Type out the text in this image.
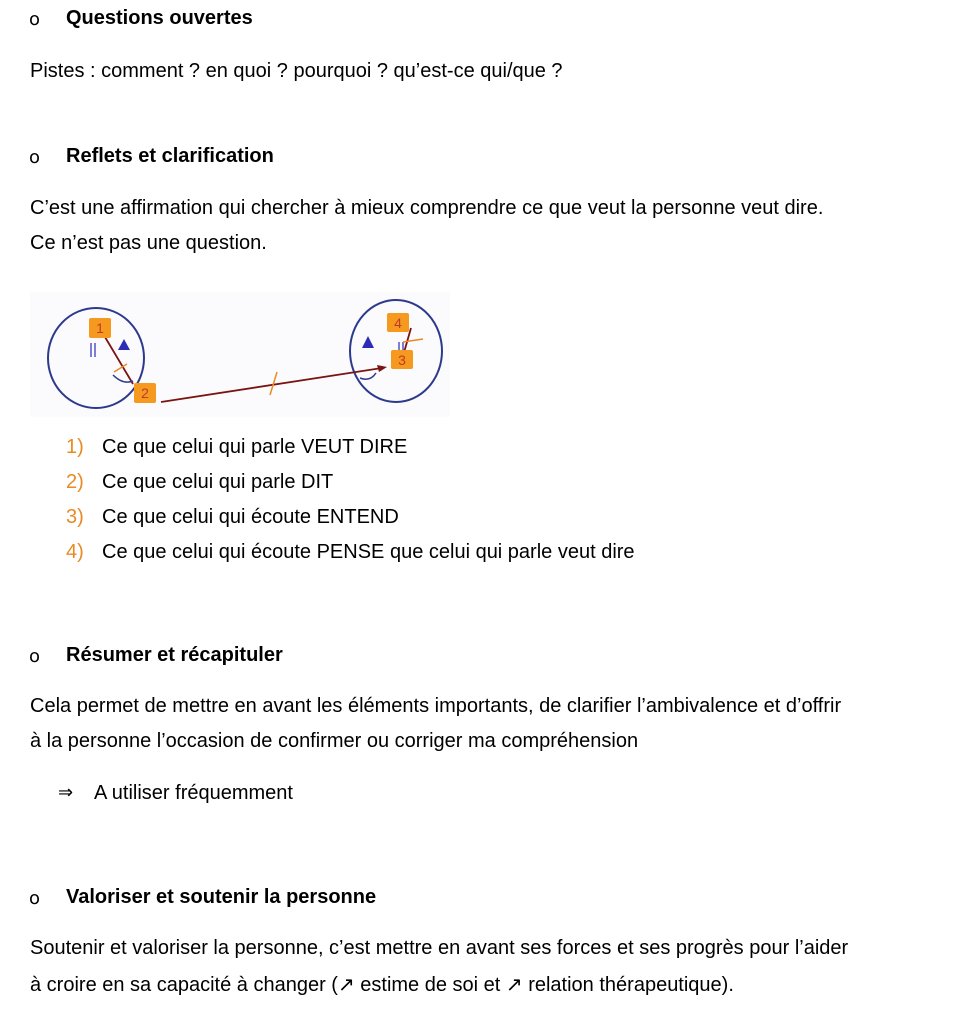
o Questions ouvertes
Pistes : comment ? en quoi ? pourquoi ? qu’est-ce qui/que ?
o Reflets et clarification
C’est une affirmation qui chercher à mieux comprendre ce que veut la personne veut dire.
Ce n’est pas une question.
1
2
3
4
1) Ce que celui qui parle VEUT DIRE
2) Ce que celui qui parle DIT
3) Ce que celui qui écoute ENTEND
4) Ce que celui qui écoute PENSE que celui qui parle veut dire
o Résumer et récapituler
Cela permet de mettre en avant les éléments importants, de clarifier l’ambivalence et d’offrir
à la personne l’occasion de confirmer ou corriger ma compréhension
⇒ A utiliser fréquemment
o Valoriser et soutenir la personne
Soutenir et valoriser la personne, c’est mettre en avant ses forces et ses progrès pour l’aider
à croire en sa capacité à changer (↗ estime de soi et ↗ relation thérapeutique).
